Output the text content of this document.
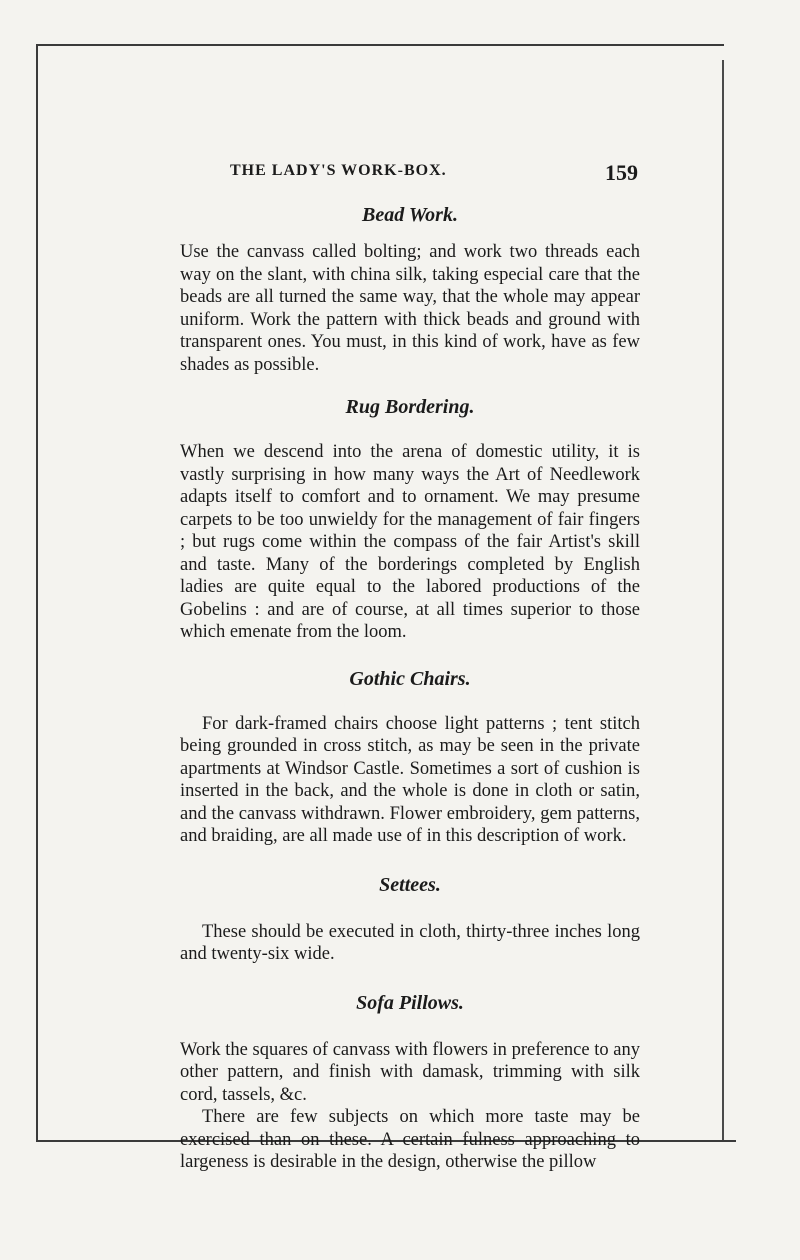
THE LADY'S WORK-BOX.	159
Bead Work.

Use the canvass called bolting; and work two threads each way on the slant, with china silk, taking especial care that the beads are all turned the same way, that the whole may appear uniform. Work the pattern with thick beads and ground with transparent ones. You must, in this kind of work, have as few shades as possible.

Rug Bordering.

When we descend into the arena of domestic utility, it is vastly surprising in how many ways the Art of Needlework adapts itself to comfort and to ornament. We may presume carpets to be too unwieldy for the management of fair fingers ; but rugs come within the compass of the fair Artist's skill and taste. Many of the borderings completed by English ladies are quite equal to the labored productions of the Gobelins : and are of course, at all times superior to those which emenate from the loom.

Gothic Chairs.

For dark-framed chairs choose light patterns ; tent stitch being grounded in cross stitch, as may be seen in the private apartments at Windsor Castle. Sometimes a sort of cushion is inserted in the back, and the whole is done in cloth or satin, and the canvass withdrawn. Flower embroidery, gem patterns, and braiding, are all made use of in this description of work.

Settees.

These should be executed in cloth, thirty-three inches long and twenty-six wide.

Sofa Pillows.

Work the squares of canvass with flowers in preference to any other pattern, and finish with damask, trimming with silk cord, tassels, &c.

There are few subjects on which more taste may be exercised than on these. A certain fulness approaching to largeness is desirable in the design, otherwise the pillow
